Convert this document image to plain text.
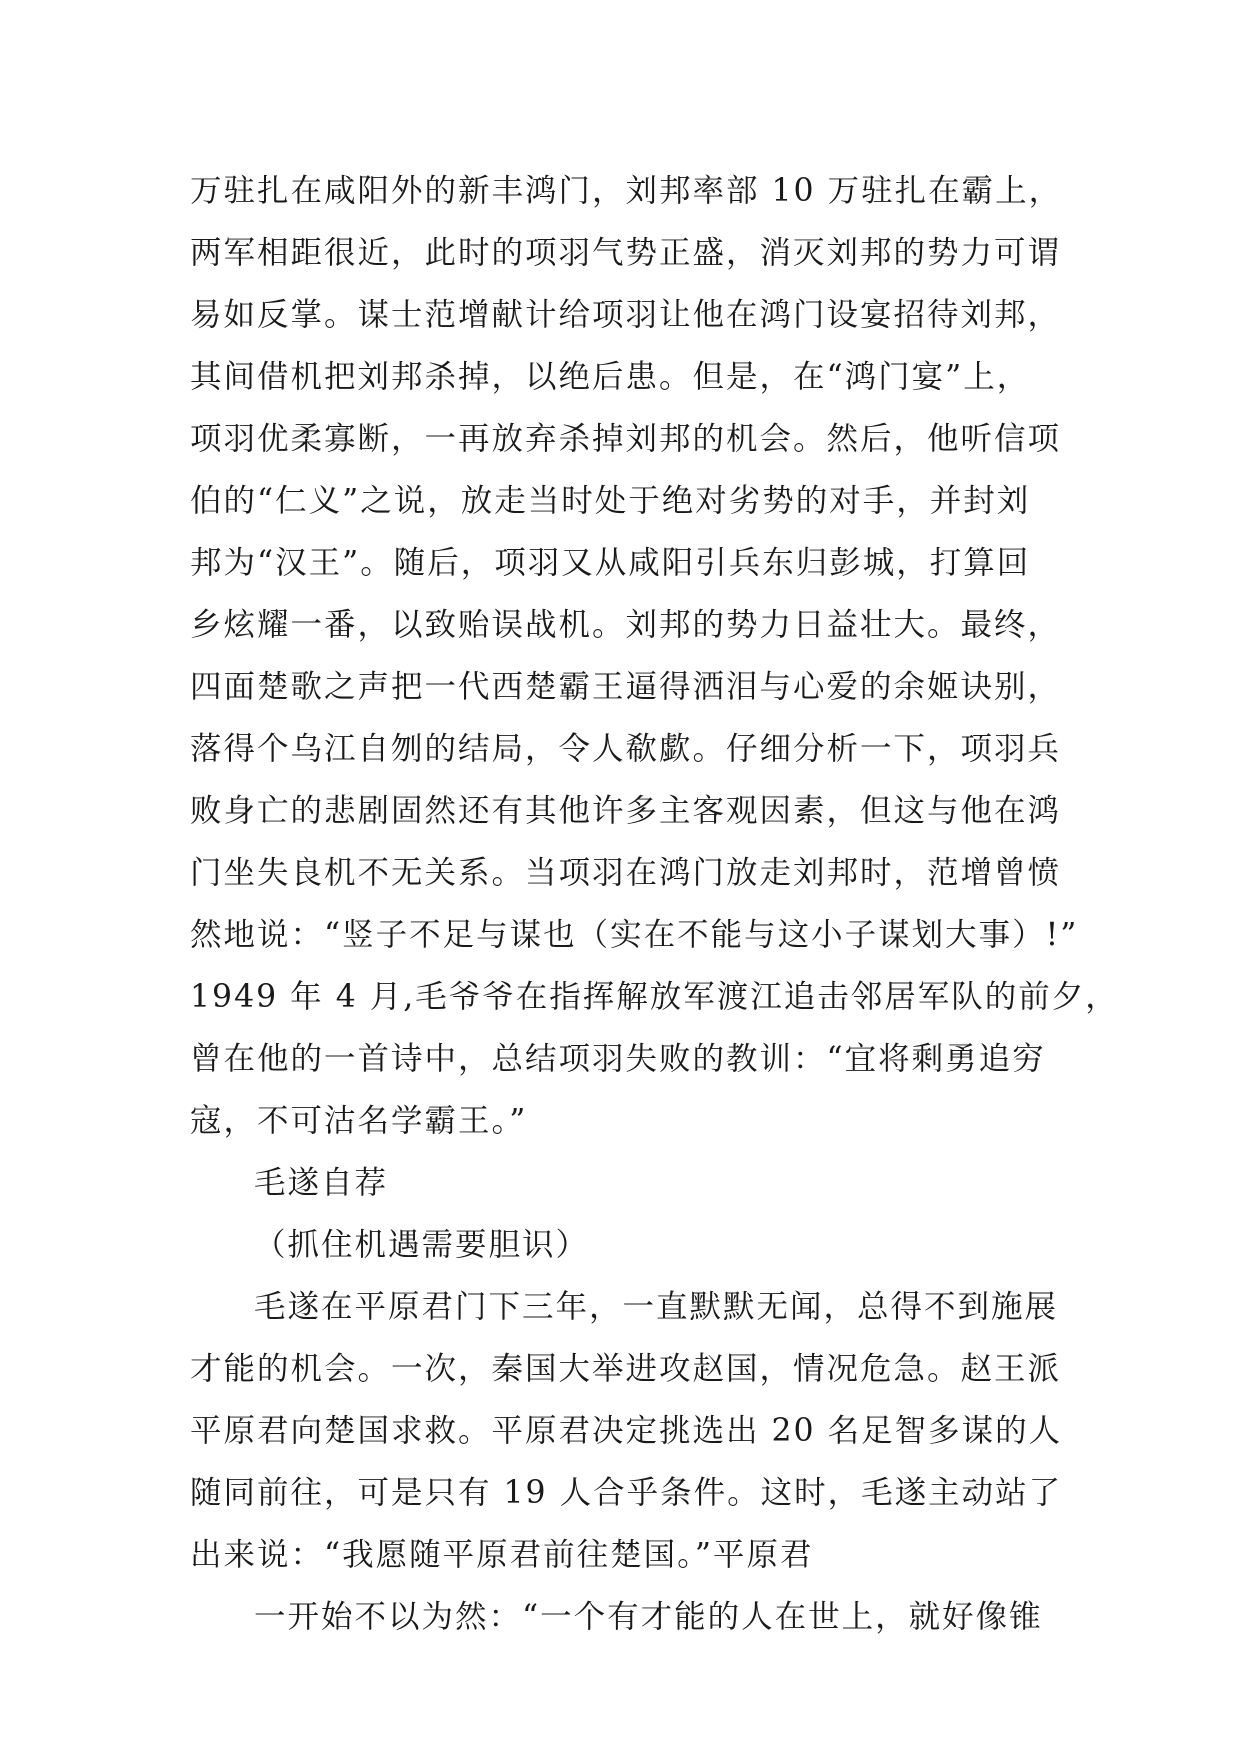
万驻扎在咸阳外的新丰鸿门，刘邦率部 10 万驻扎在霸上，
两军相距很近，此时的项羽气势正盛，消灭刘邦的势力可谓
易如反掌。谋士范增献计给项羽让他在鸿门设宴招待刘邦，
其间借机把刘邦杀掉，以绝后患。但是，在“鸿门宴”上，
项羽优柔寡断，一再放弃杀掉刘邦的机会。然后，他听信项
伯的“仁义”之说，放走当时处于绝对劣势的对手，并封刘
邦为“汉王”。随后，项羽又从咸阳引兵东归彭城，打算回
乡炫耀一番，以致贻误战机。刘邦的势力日益壮大。最终，
四面楚歌之声把一代西楚霸王逼得洒泪与心爱的余姬诀别，
落得个乌江自刎的结局，令人欷歔。仔细分析一下，项羽兵
败身亡的悲剧固然还有其他许多主客观因素，但这与他在鸿
门坐失良机不无关系。当项羽在鸿门放走刘邦时，范增曾愤
然地说：“竖子不足与谋也（实在不能与这小子谋划大事）!”
1949 年 4 月,毛爷爷在指挥解放军渡江追击邻居军队的前夕，
曾在他的一首诗中，总结项羽失败的教训：“宜将剩勇追穷
寇，不可沽名学霸王。”
毛遂自荐
（抓住机遇需要胆识）
毛遂在平原君门下三年，一直默默无闻，总得不到施展
才能的机会。一次，秦国大举进攻赵国，情况危急。赵王派
平原君向楚国求救。平原君决定挑选出 20 名足智多谋的人
随同前往，可是只有 19 人合乎条件。这时，毛遂主动站了
出来说：“我愿随平原君前往楚国。”平原君
一开始不以为然：“一个有才能的人在世上，就好像锥
